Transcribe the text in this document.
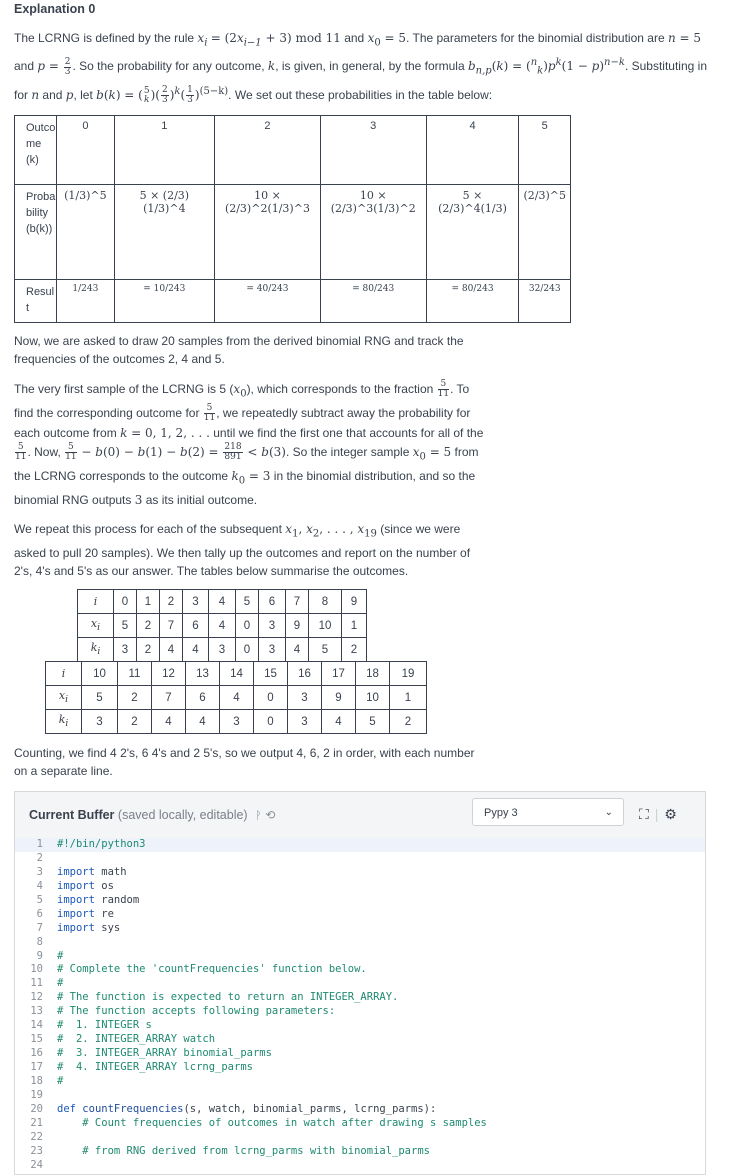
Explanation 0

The LCRNG is defined by the rule $x_i = (2x_{i-1} + 3)$ mod 11 and $x_0 = 5$. The parameters for the binomial distribution are n = 5 and $p = \frac{2}{3}$ . So the probability for any outcome, k, is given, in general, by the formula $b_{n,p}(k) = (^n_k)p^k(1 - p)^{n-k}$. Substituting in for n and p, let b(k) = ( 5
k )( $\frac{2}{3} )^k( \frac{1}{3} )^{(5-k)}$. We set out these probabilities in the table below:

Outcome (k)	0	1	2	3	4	5
Probability (b(k))	(1/3)^5	5 × (2/3)(1/3)^4	10 × (2/3)^2(1/3)^3	10 × (2/3)^3(1/3)^2	5 × (2/3)^4(1/3)	(2/3)^5
Result	1/243	= 10/243	= 40/243	= 80/243	= 80/243	32/243

Now, we are asked to draw 20 samples from the derived binomial RNG and track the frequencies of the outcomes 2, 4 and 5.

The very first sample of the LCRNG is 5 $(x_0)$, which corresponds to the fraction $\frac{5}{11}$ . To find the corresponding outcome for $\frac{5}{11}$ , we repeatedly subtract away the probability for each outcome from k = 0, 1, 2, . . . until we find the first one that accounts for all of the
$\frac{5}{11}$ . Now, $\frac{5}{11} - b(0) - b(1) - b(2) = \frac{218}{891} < b(3)$. So the integer sample $x_0 = 5$ from the LCRNG corresponds to the outcome $k_0 = 3$ in the binomial distribution, and so the binomial RNG outputs 3 as its initial outcome.

We repeat this process for each of the subsequent $x_1$, $x_2$, . . . , $x_{19}$ (since we were asked to pull 20 samples). We then tally up the outcomes and report on the number of 2's, 4's and 5's as our answer. The tables below summarise the outcomes.

i	0	1	2	3	4	5	6	7	8	9
$x_i$	5	2	7	6	4	0	3	9	10	1
$k_i$	3	2	4	4	3	0	3	4	5	2
i	10	11	12	13	14	15	16	17	18	19
$x_i$	5	2	7	6	4	0	3	9	10	1
$k_i$	3	2	4	4	3	0	3	4	5	2

Counting, we find 4 2's, 6 4's and 2 5's, so we output 4, 6, 2 in order, with each number on a separate line.

Current Buffer (saved locally, editable) ᚹ ⟲	Pypy 3	⌄ ⛶ | ⚙
1 #!/bin/python3
2
3 import math
4 import os
5 import random
6 import re
7 import sys
8
9 #
10 # Complete the 'countFrequencies' function below.
11 #
12 # The function is expected to return an INTEGER_ARRAY.
13 # The function accepts following parameters:
14 #  1. INTEGER s
15 #  2. INTEGER_ARRAY watch
16 #  3. INTEGER_ARRAY binomial_parms
17 #  4. INTEGER_ARRAY lcrng_parms
18 #
19
20 def countFrequencies(s, watch, binomial_parms, lcrng_parms):
21 # Count frequencies of outcomes in watch after drawing s samples
22
23 # from RNG derived from lcrng_parms with binomial_parms
24
